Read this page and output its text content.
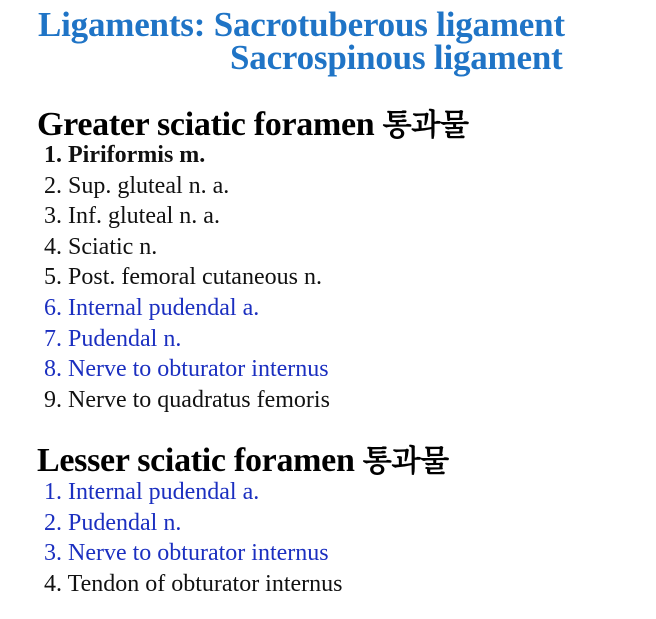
Ligaments: Sacrotuberous ligament
Sacrospinous ligament
Greater sciatic foramen 통과물
1. Piriformis m.
2. Sup. gluteal n. a.
3. Inf. gluteal n. a.
4. Sciatic n.
5. Post. femoral cutaneous n.
6. Internal pudendal a.
7. Pudendal n.
8. Nerve to obturator internus
9. Nerve to quadratus femoris
Lesser sciatic foramen 통과물
1. Internal pudendal a.
2. Pudendal n.
3. Nerve to obturator internus
4. Tendon of obturator internus
